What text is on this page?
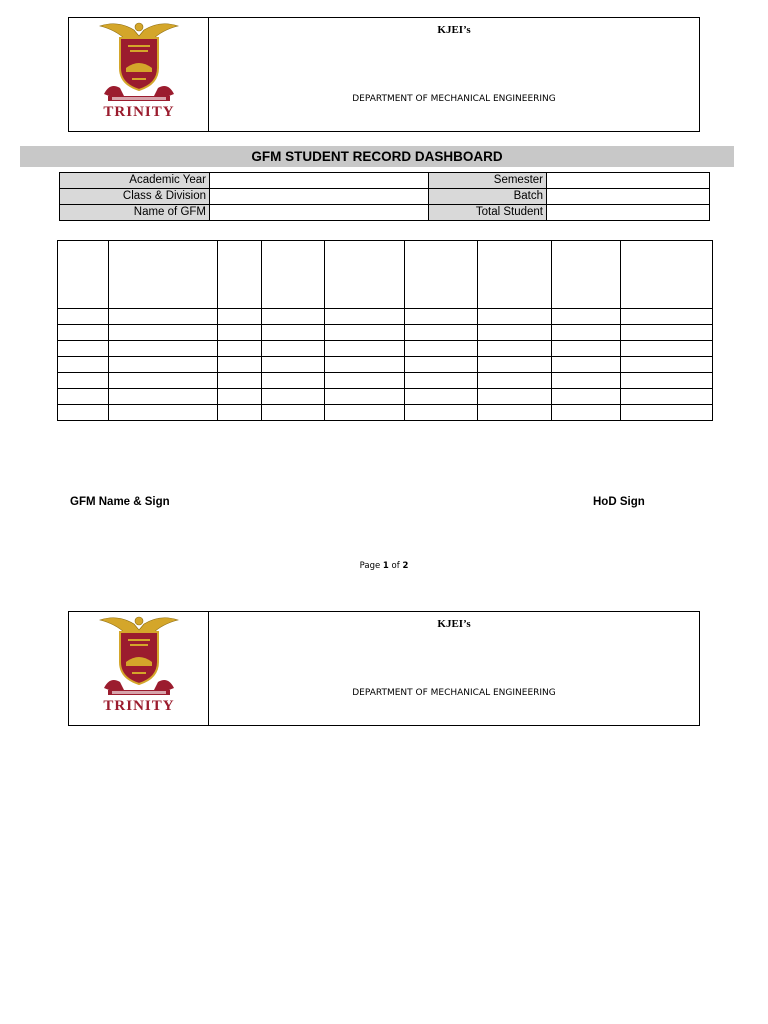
TRINITY
KJEI’s
DEPARTMENT OF MECHANICAL ENGINEERING
GFM STUDENT RECORD DASHBOARD
Academic Year		Semester	
Class & Division		Batch	
Name of GFM		Total Student	

GFM Name & Sign	HoD Sign
Page 1 of 2
TRINITY
KJEI’s
DEPARTMENT OF MECHANICAL ENGINEERING
